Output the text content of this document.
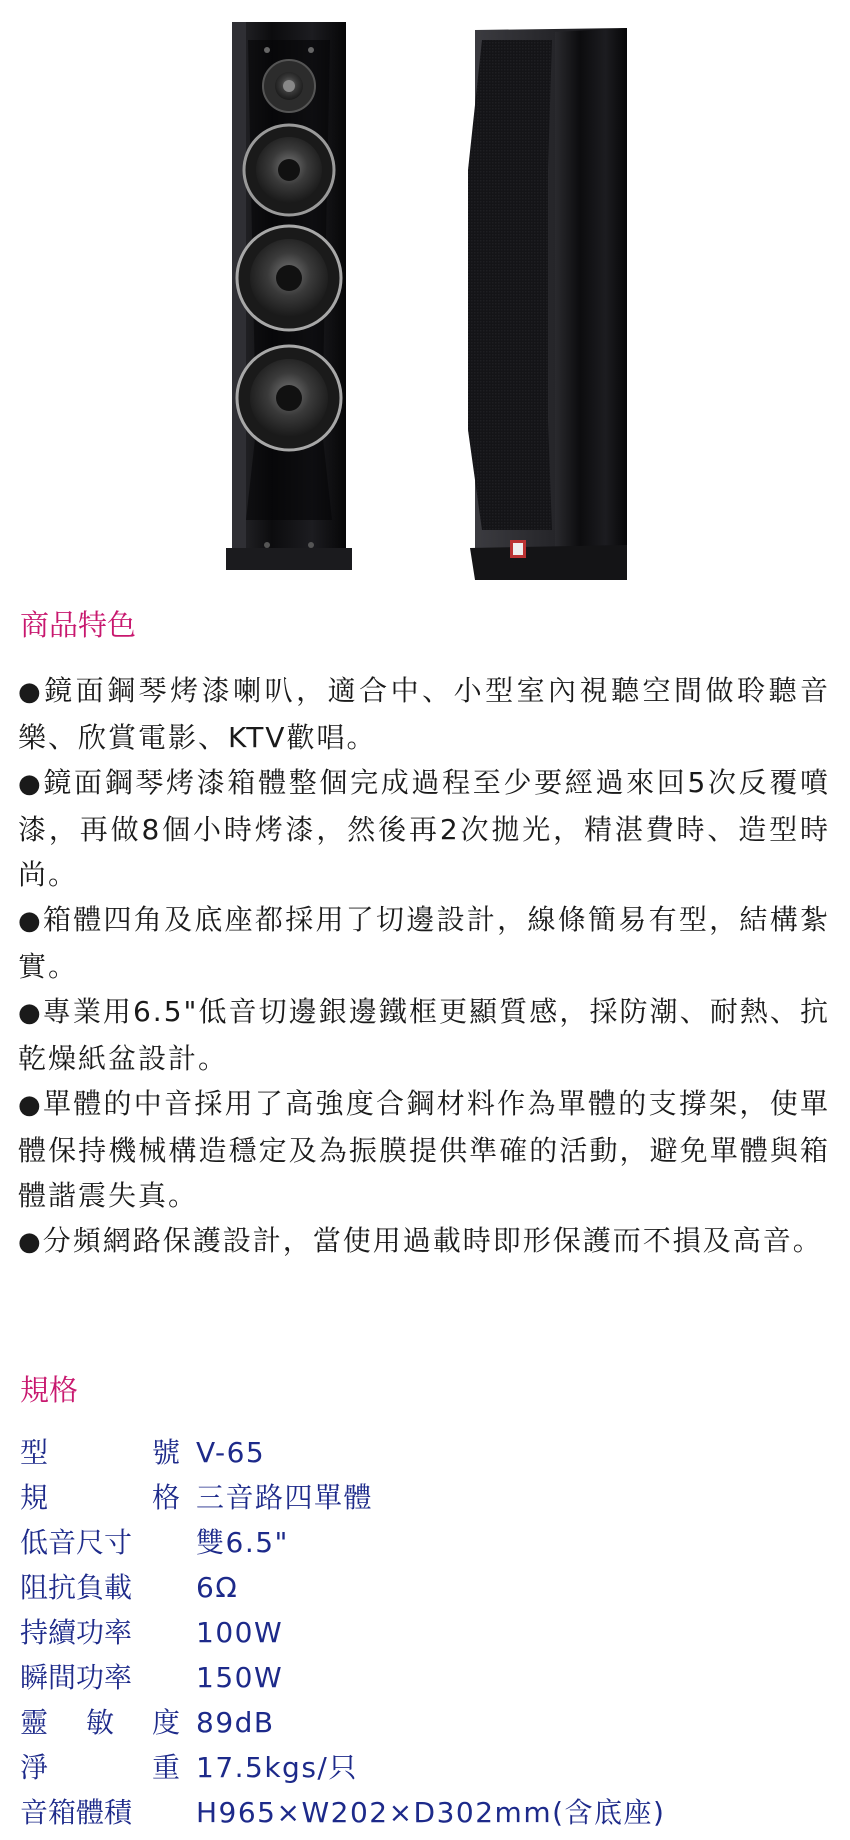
商品特色
●鏡面鋼琴烤漆喇叭，適合中、小型室內視聽空間做聆聽音樂、欣賞電影、KTV歡唱。
●鏡面鋼琴烤漆箱體整個完成過程至少要經過來回5次反覆噴漆，再做8個小時烤漆，然後再2次拋光，精湛費時、造型時尚。
●箱體四角及底座都採用了切邊設計，線條簡易有型，結構紮實。
●專業用6.5"低音切邊銀邊鐵框更顯質感，採防潮、耐熱、抗乾燥紙盆設計。
●單體的中音採用了高強度合鋼材料作為單體的支撐架，使單體保持機械構造穩定及為振膜提供準確的活動，避免單體與箱體諧震失真。
●分頻網路保護設計，當使用過載時即形保護而不損及高音。
規格
型	號 V-65
規	格 三音路四單體
低 音 尺 寸 雙6.5"
阻 抗 負 載 6Ω
持 續 功 率 100W
瞬 間 功 率 150W
靈 敏 度 89dB
淨	重 17.5kgs/只
音 箱 體 積 H965×W202×D302mm(含底座)
